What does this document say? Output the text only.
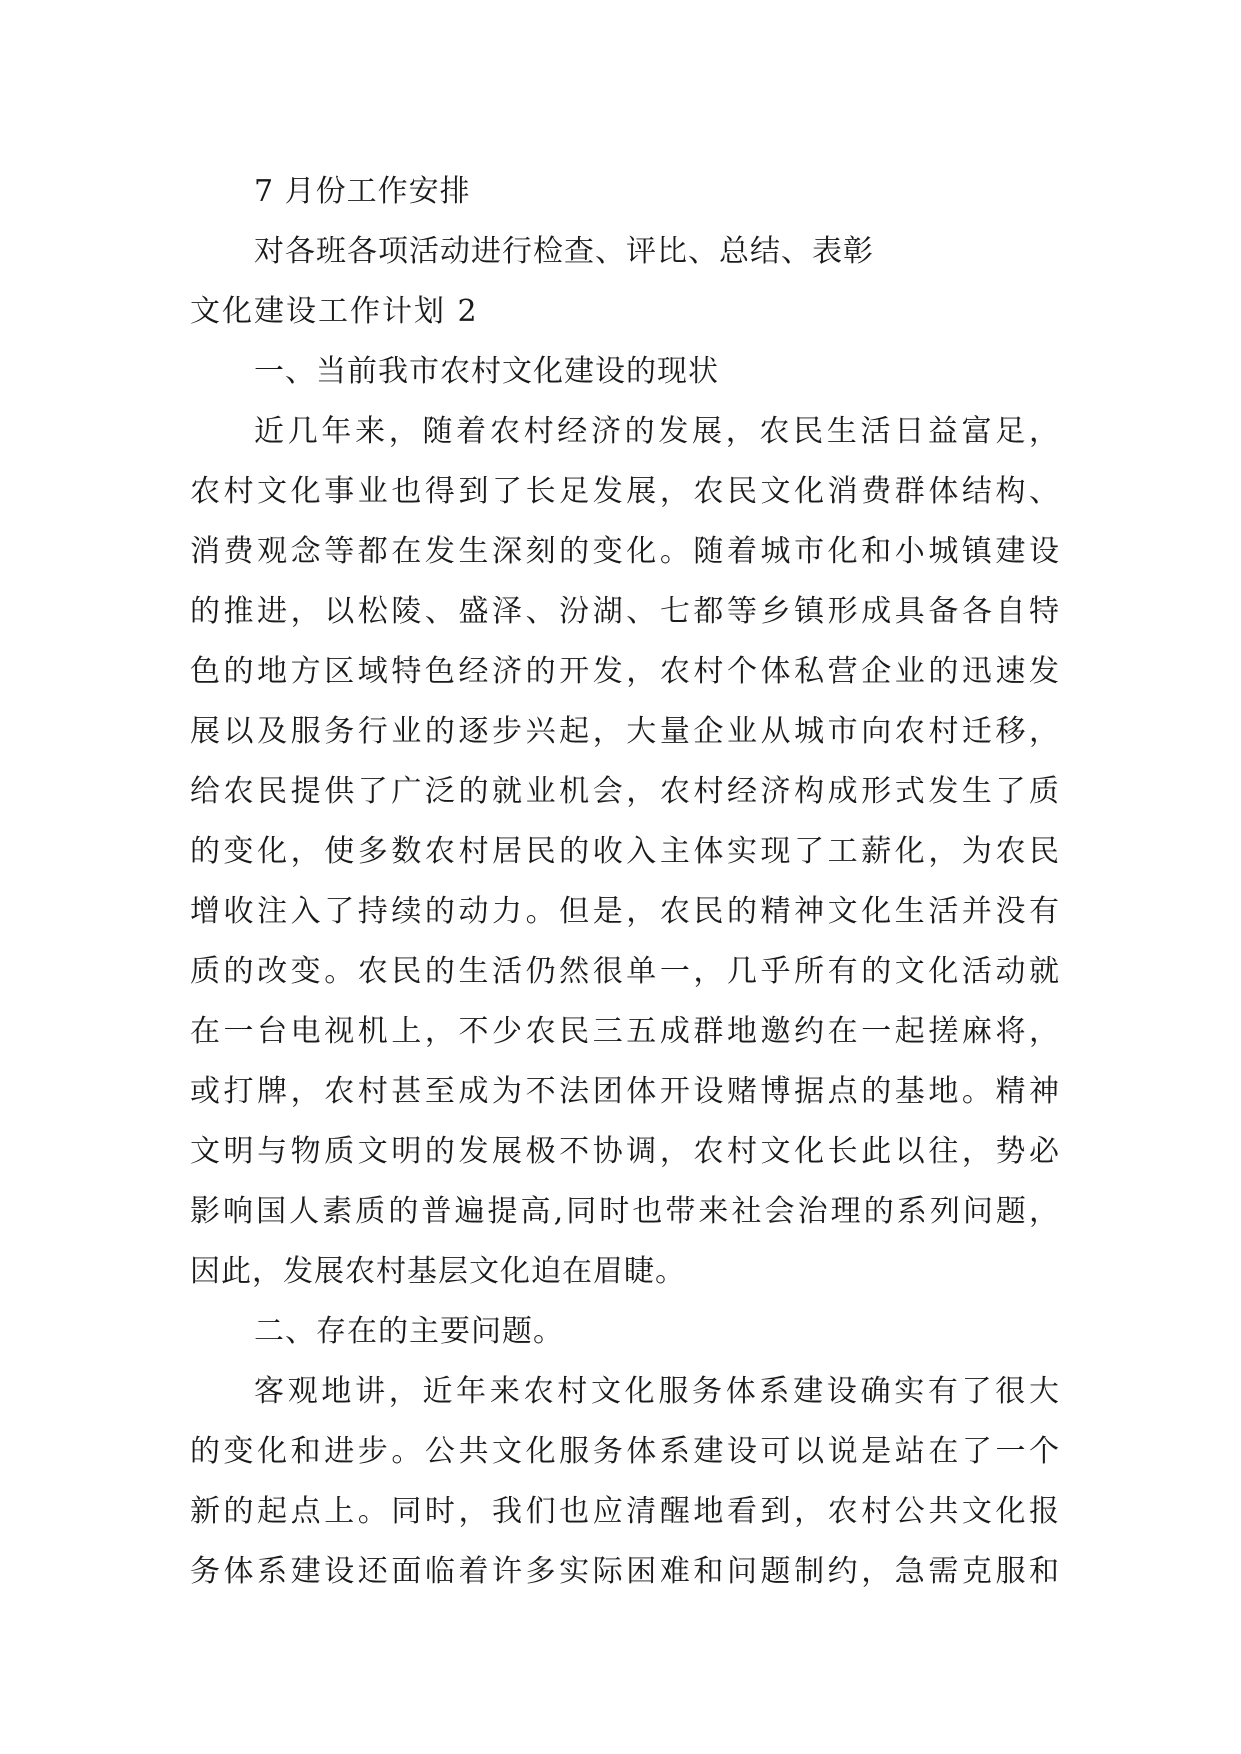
7 月份工作安排
对各班各项活动进行检查、评比、总结、表彰
文化建设工作计划 2
一、当前我市农村文化建设的现状
近几年来，随着农村经济的发展，农民生活日益富足，
农村文化事业也得到了长足发展，农民文化消费群体结构、
消费观念等都在发生深刻的变化。随着城市化和小城镇建设
的推进，以松陵、盛泽、汾湖、七都等乡镇形成具备各自特
色的地方区域特色经济的开发，农村个体私营企业的迅速发
展以及服务行业的逐步兴起，大量企业从城市向农村迁移，
给农民提供了广泛的就业机会，农村经济构成形式发生了质
的变化，使多数农村居民的收入主体实现了工薪化，为农民
增收注入了持续的动力。但是，农民的精神文化生活并没有
质的改变。农民的生活仍然很单一，几乎所有的文化活动就
在一台电视机上，不少农民三五成群地邀约在一起搓麻将，
或打牌，农村甚至成为不法团体开设赌博据点的基地。精神
文明与物质文明的发展极不协调，农村文化长此以往，势必
影响国人素质的普遍提高,同时也带来社会治理的系列问题，
因此，发展农村基层文化迫在眉睫。
二、存在的主要问题。
客观地讲，近年来农村文化服务体系建设确实有了很大
的变化和进步。公共文化服务体系建设可以说是站在了一个
新的起点上。同时，我们也应清醒地看到，农村公共文化报
务体系建设还面临着许多实际困难和问题制约，急需克服和
